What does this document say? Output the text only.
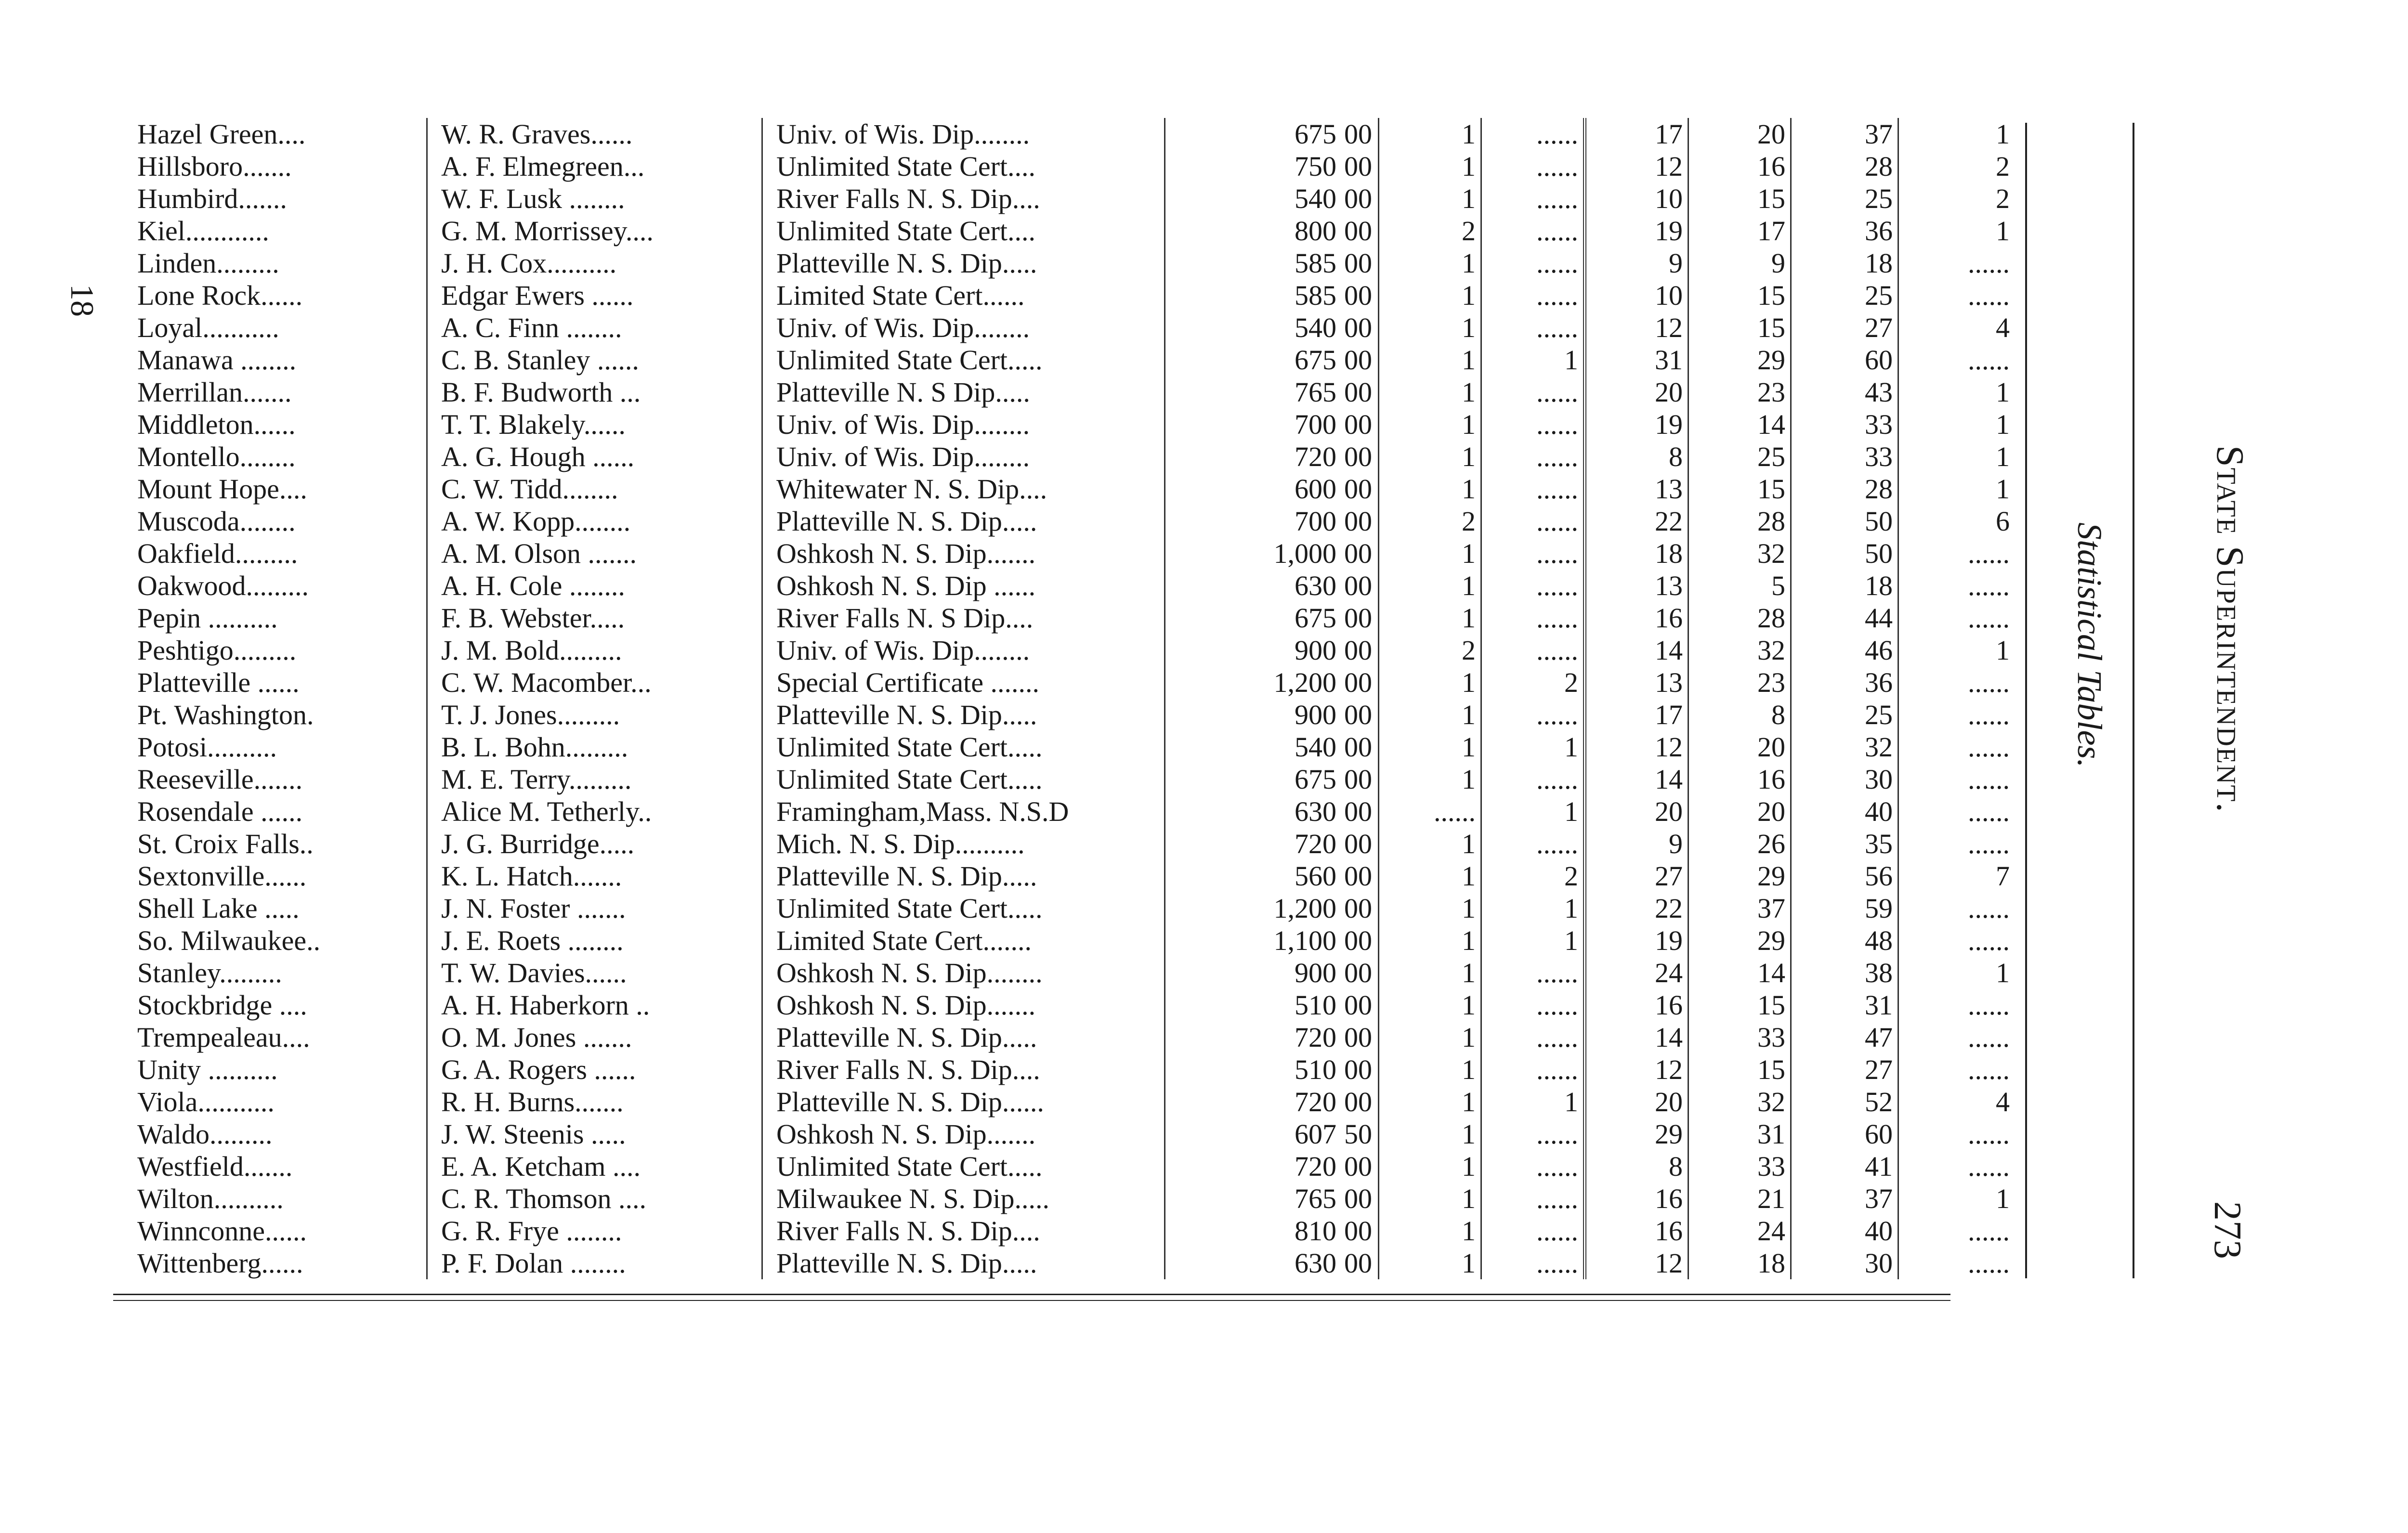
18
Hazel Green....	W. R. Graves......	Univ. of Wis. Dip........	675	00	1	......	17	20	37	1
Hillsboro.......	A. F. Elmegreen...	Unlimited State Cert....	750	00	1	......	12	16	28	2
Humbird.......	W. F. Lusk ........	River Falls N. S. Dip....	540	00	1	......	10	15	25	2
Kiel............	G. M. Morrissey....	Unlimited State Cert....	800	00	2	......	19	17	36	1
Linden.........	J. H. Cox..........	Platteville N. S. Dip.....	585	00	1	......	9	9	18	......
Lone Rock......	Edgar Ewers ......	Limited State Cert......	585	00	1	......	10	15	25	......
Loyal...........	A. C. Finn ........	Univ. of Wis. Dip........	540	00	1	......	12	15	27	4
Manawa ........	C. B. Stanley ......	Unlimited State Cert.....	675	00	1	1	31	29	60	......
Merrillan.......	B. F. Budworth ...	Platteville N. S Dip.....	765	00	1	......	20	23	43	1
Middleton......	T. T. Blakely......	Univ. of Wis. Dip........	700	00	1	......	19	14	33	1
Montello........	A. G. Hough ......	Univ. of Wis. Dip........	720	00	1	......	8	25	33	1
Mount Hope....	C. W. Tidd........	Whitewater N. S. Dip....	600	00	1	......	13	15	28	1
Muscoda........	A. W. Kopp........	Platteville N. S. Dip.....	700	00	2	......	22	28	50	6
Oakfield.........	A. M. Olson .......	Oshkosh N. S. Dip.......	1,000	00	1	......	18	32	50	......
Oakwood.........	A. H. Cole ........	Oshkosh N. S. Dip ......	630	00	1	......	13	5	18	......
Pepin ..........	F. B. Webster.....	River Falls N. S Dip....	675	00	1	......	16	28	44	......
Peshtigo.........	J. M. Bold.........	Univ. of Wis. Dip........	900	00	2	......	14	32	46	1
Platteville ......	C. W. Macomber...	Special Certificate .......	1,200	00	1	2	13	23	36	......
Pt. Washington.	T. J. Jones.........	Platteville N. S. Dip.....	900	00	1	......	17	8	25	......
Potosi..........	B. L. Bohn.........	Unlimited State Cert.....	540	00	1	1	12	20	32	......
Reeseville.......	M. E. Terry.........	Unlimited State Cert.....	675	00	1	......	14	16	30	......
Rosendale ......	Alice M. Tetherly..	Framingham,Mass. N.S.D	630	00	......	1	20	20	40	......
St. Croix Falls..	J. G. Burridge.....	Mich. N. S. Dip..........	720	00	1	......	9	26	35	......
Sextonville......	K. L. Hatch.......	Platteville N. S. Dip.....	560	00	1	2	27	29	56	7
Shell Lake .....	J. N. Foster .......	Unlimited State Cert.....	1,200	00	1	1	22	37	59	......
So. Milwaukee..	J. E. Roets ........	Limited State Cert.......	1,100	00	1	1	19	29	48	......
Stanley.........	T. W. Davies......	Oshkosh N. S. Dip........	900	00	1	......	24	14	38	1
Stockbridge ....	A. H. Haberkorn ..	Oshkosh N. S. Dip.......	510	00	1	......	16	15	31	......
Trempealeau....	O. M. Jones .......	Platteville N. S. Dip.....	720	00	1	......	14	33	47	......
Unity ..........	G. A. Rogers ......	River Falls N. S. Dip....	510	00	1	......	12	15	27	......
Viola...........	R. H. Burns.......	Platteville N. S. Dip......	720	00	1	1	20	32	52	4
Waldo.........	J. W. Steenis .....	Oshkosh N. S. Dip.......	607	50	1	......	29	31	60	......
Westfield.......	E. A. Ketcham ....	Unlimited State Cert.....	720	00	1	......	8	33	41	......
Wilton..........	C. R. Thomson ....	Milwaukee N. S. Dip.....	765	00	1	......	16	21	37	1
Winnconne......	G. R. Frye ........	River Falls N. S. Dip....	810	00	1	......	16	24	40	......
Wittenberg......	P. F. Dolan ........	Platteville N. S. Dip.....	630	00	1	......	12	18	30	......
Statistical Tables.	State Superintendent.
273
